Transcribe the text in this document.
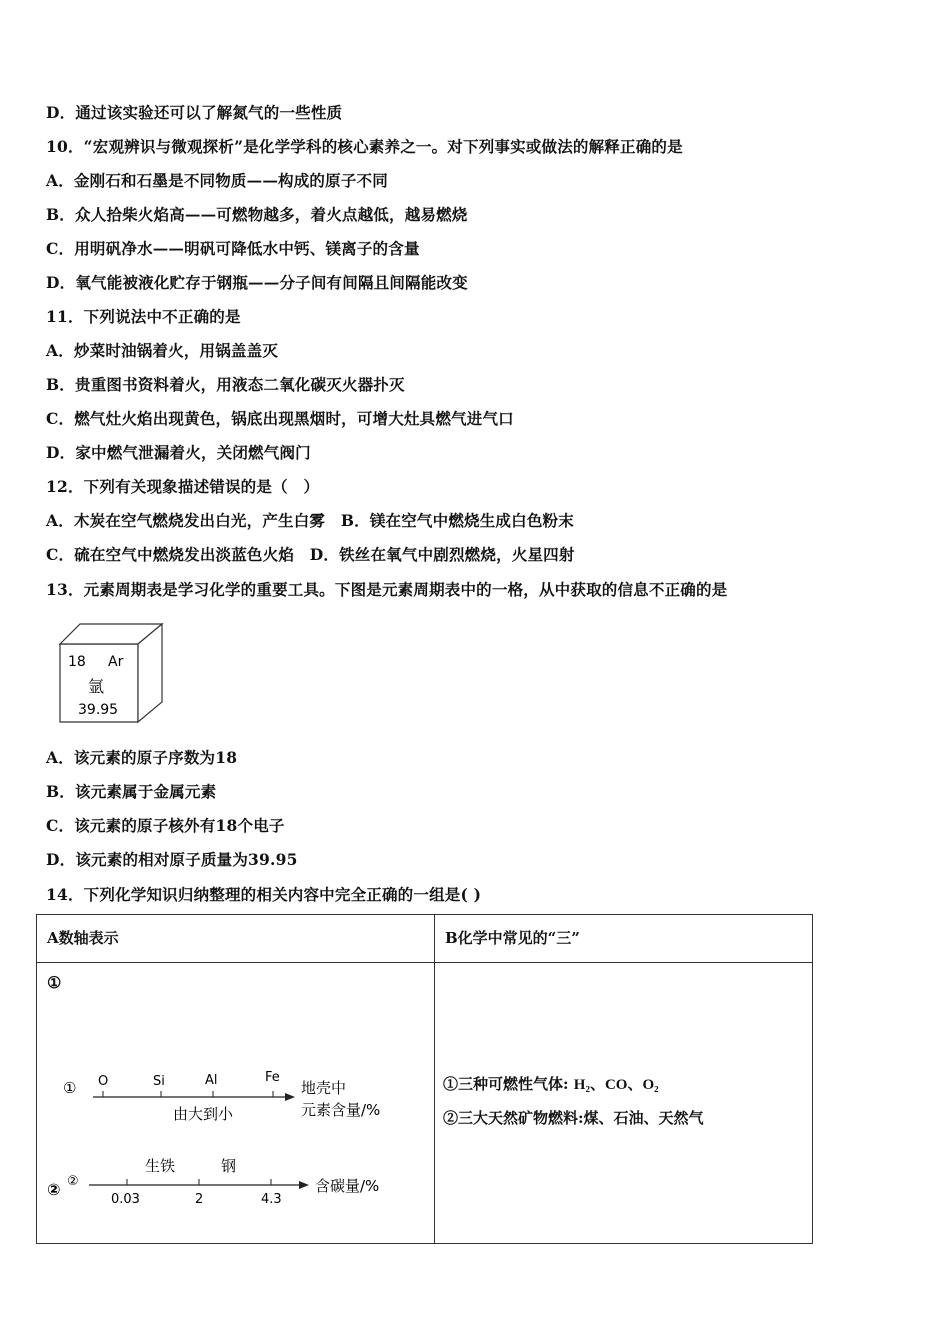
D．通过该实验还可以了解氮气的一些性质
10．“宏观辨识与微观探析”是化学学科的核心素养之一。对下列事实或做法的解释正确的是
A．金刚石和石墨是不同物质——构成的原子不同
B．众人拾柴火焰高——可燃物越多，着火点越低，越易燃烧
C．用明矾净水——明矾可降低水中钙、镁离子的含量
D．氧气能被液化贮存于钢瓶——分子间有间隔且间隔能改变
11．下列说法中不正确的是
A．炒菜时油锅着火，用锅盖盖灭
B．贵重图书资料着火，用液态二氧化碳灭火器扑灭
C．燃气灶火焰出现黄色，锅底出现黑烟时，可增大灶具燃气进气口
D．家中燃气泄漏着火，关闭燃气阀门
12．下列有关现象描述错误的是（　）
A．木炭在空气燃烧发出白光，产生白雾　B．镁在空气中燃烧生成白色粉末
C．硫在空气中燃烧发出淡蓝色火焰　D．铁丝在氧气中剧烈燃烧，火星四射
13．元素周期表是学习化学的重要工具。下图是元素周期表中的一格，从中获取的信息不正确的是
18 Ar
氩
39.95
A．该元素的原子序数为18
B．该元素属于金属元素
C．该元素的原子核外有18个电子
D．该元素的相对原子质量为39.95
14．下列化学知识归纳整理的相关内容中完全正确的一组是( )
A数轴表示	B化学中常见的“三”
①
① O	Si	Al	Fe
由大到小
地壳中
元素含量/%
② ②
生铁	钢
0.03	2	4.3
含碳量/%
①三种可燃性气体: H₂、CO、O₂
②三大天然矿物燃料:煤、石油、天然气
